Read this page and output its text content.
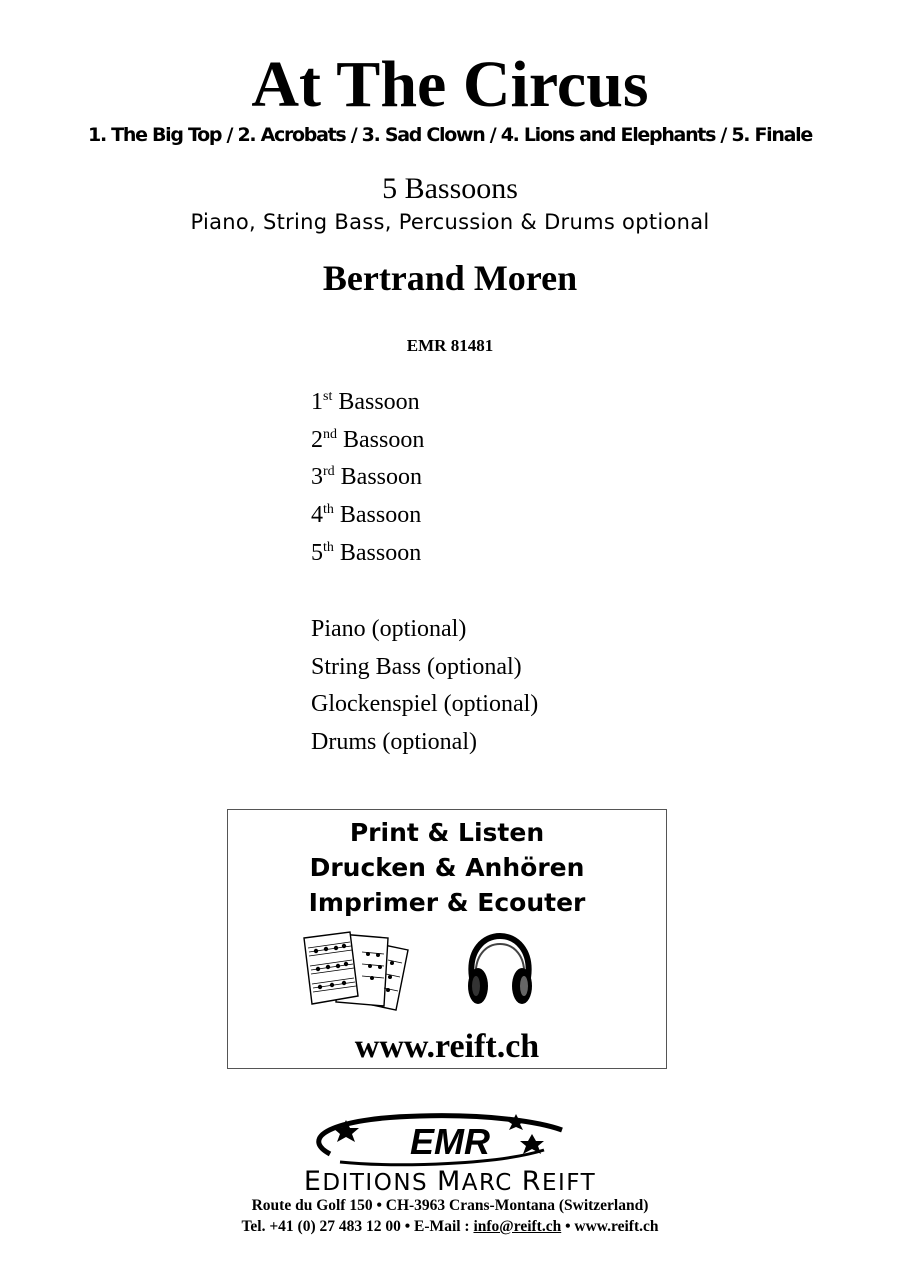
At The Circus
1. The Big Top / 2. Acrobats / 3. Sad Clown / 4. Lions and Elephants / 5. Finale
5 Bassoons
Piano, String Bass, Percussion & Drums optional
Bertrand Moren
EMR 81481
1st Bassoon
2nd Bassoon
3rd Bassoon
4th Bassoon
5th Bassoon
Piano (optional)
String Bass (optional)
Glockenspiel (optional)
Drums (optional)
Print & Listen
Drucken & Anhören
Imprimer & Ecouter
www.reift.ch
EMR
EDITIONS MARC REIFT
Route du Golf 150 • CH-3963 Crans-Montana (Switzerland)
Tel. +41 (0) 27 483 12 00 • E-Mail : info@reift.ch • www.reift.ch
